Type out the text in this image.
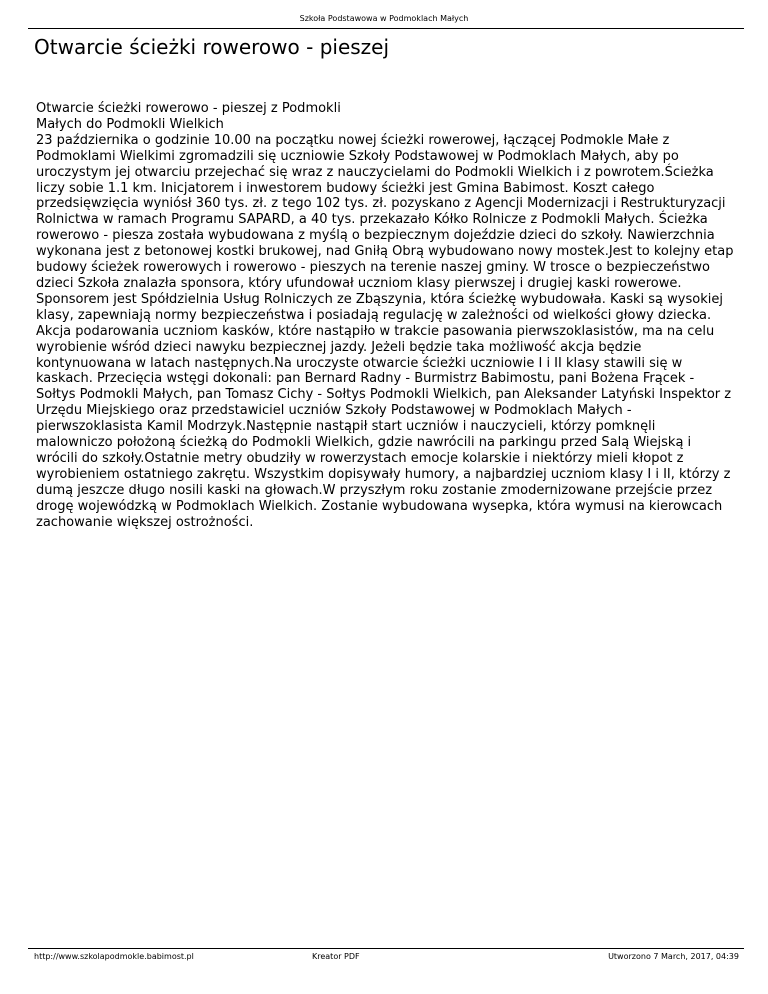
Szkoła Podstawowa w Podmoklach Małych
Otwarcie ścieżki rowerowo - pieszej

Otwarcie ścieżki rowerowo - pieszej z Podmokli
Małych do Podmokli Wielkich
23 października o godzinie 10.00 na początku nowej ścieżki rowerowej, łączącej Podmokle Małe z Podmoklami Wielkimi zgromadzili się uczniowie Szkoły Podstawowej w Podmoklach Małych, aby po uroczystym jej otwarciu przejechać się wraz z nauczycielami do Podmokli Wielkich i z powrotem.Ścieżka liczy sobie 1.1 km. Inicjatorem i inwestorem budowy ścieżki jest Gmina Babimost. Koszt całego przedsięwzięcia wyniósł 360 tys. zł. z tego 102 tys. zł. pozyskano z Agencji Modernizacji i Restrukturyzacji Rolnictwa w ramach Programu SAPARD, a 40 tys. przekazało Kółko Rolnicze z Podmokli Małych. Ścieżka rowerowo - piesza została wybudowana z myślą o bezpiecznym dojeździe dzieci do szkoły. Nawierzchnia wykonana jest z betonowej kostki brukowej, nad Gniłą Obrą wybudowano nowy mostek.Jest to kolejny etap budowy ścieżek rowerowych i rowerowo - pieszych na terenie naszej gminy. W trosce o bezpieczeństwo dzieci Szkoła znalazła sponsora, który ufundował uczniom klasy pierwszej i drugiej kaski rowerowe. Sponsorem jest Spółdzielnia Usług Rolniczych ze Zbąszynia, która ścieżkę wybudowała. Kaski są wysokiej klasy, zapewniają normy bezpieczeństwa i posiadają regulację w zależności od wielkości głowy dziecka. Akcja podarowania uczniom kasków, które nastąpiło w trakcie pasowania pierwszoklasistów, ma na celu wyrobienie wśród dzieci nawyku bezpiecznej jazdy. Jeżeli będzie taka możliwość akcja będzie kontynuowana w latach następnych.Na uroczyste otwarcie ścieżki uczniowie I i II klasy stawili się w kaskach. Przecięcia wstęgi dokonali: pan Bernard Radny - Burmistrz Babimostu, pani Bożena Frącek - Sołtys Podmokli Małych, pan Tomasz Cichy - Sołtys Podmokli Wielkich, pan Aleksander Latyński Inspektor z Urzędu Miejskiego oraz przedstawiciel uczniów Szkoły Podstawowej w Podmoklach Małych - pierwszoklasista Kamil Modrzyk.Następnie nastąpił start uczniów i nauczycieli, którzy pomknęli malowniczo położoną ścieżką do Podmokli Wielkich, gdzie nawrócili na parkingu przed Salą Wiejską i wrócili do szkoły.Ostatnie metry obudziły w rowerzystach emocje kolarskie i niektórzy mieli kłopot z wyrobieniem ostatniego zakrętu. Wszystkim dopisywały humory, a najbardziej uczniom klasy I i II, którzy z dumą jeszcze długo nosili kaski na głowach.W przyszłym roku zostanie zmodernizowane przejście przez drogę wojewódzką w Podmoklach Wielkich. Zostanie wybudowana wysepka, która wymusi na kierowcach zachowanie większej ostrożności.

http://www.szkolapodmokle.babimost.pl	Kreator PDF	Utworzono 7 March, 2017, 04:39
